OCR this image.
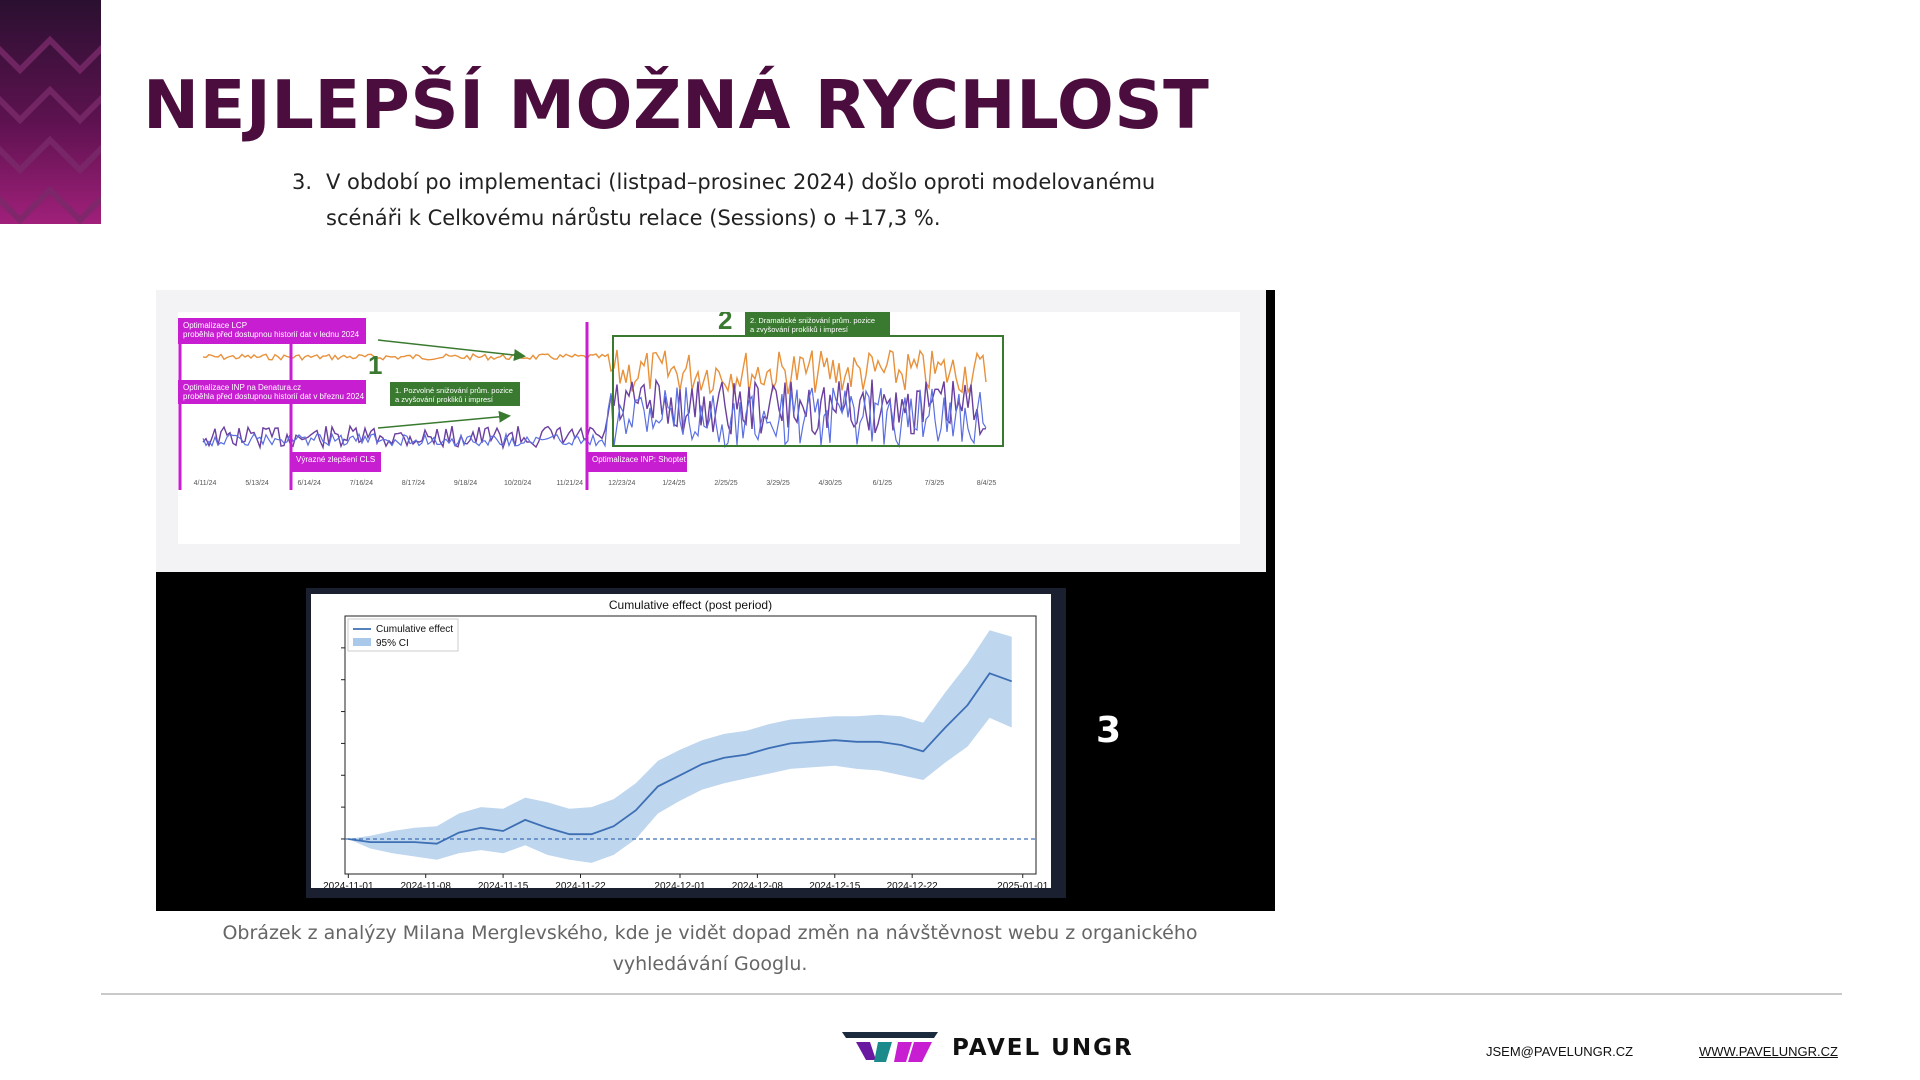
NEJLEPŠÍ MOŽNÁ RYCHLOST
3. V období po implementaci (listpad–prosinec 2024) došlo oproti modelovanému scénáři k Celkovému nárůstu relace (Sessions) o +17,3 %.
Optimalizace LCP
proběhla před dostupnou historií dat v lednu 2024
Optimalizace INP na Denatura.cz
proběhla před dostupnou historií dat v březnu 2024
Výrazné zlepšení CLS	Optimalizace INP: Shoptet
1. Pozvolné snižování prům. pozice
a zvyšování prokliků i impresí
2. Dramatické snižování prům. pozice
a zvyšování prokliků i impresí
1
2
4/11/24	5/13/24	6/14/24	7/16/24	8/17/24	9/18/24	10/20/24	11/21/24	12/23/24	1/24/25	2/25/25	3/29/25	4/30/25	6/1/25	7/3/25	8/4/25
Cumulative effect (post period)
2024-11-01	2024-11-08	2024-11-15	2024-11-22	2024-12-01	2024-12-08	2024-12-15	2024-12-22	2025-01-01
Cumulative effect
95% CI
3
Obrázek z analýzy Milana Merglevského, kde je vidět dopad změn na návštěvnost webu z organického vyhledávání Googlu.
PAVEL UNGR	JSEM@PAVELUNGR.CZ	WWW.PAVELUNGR.CZ
